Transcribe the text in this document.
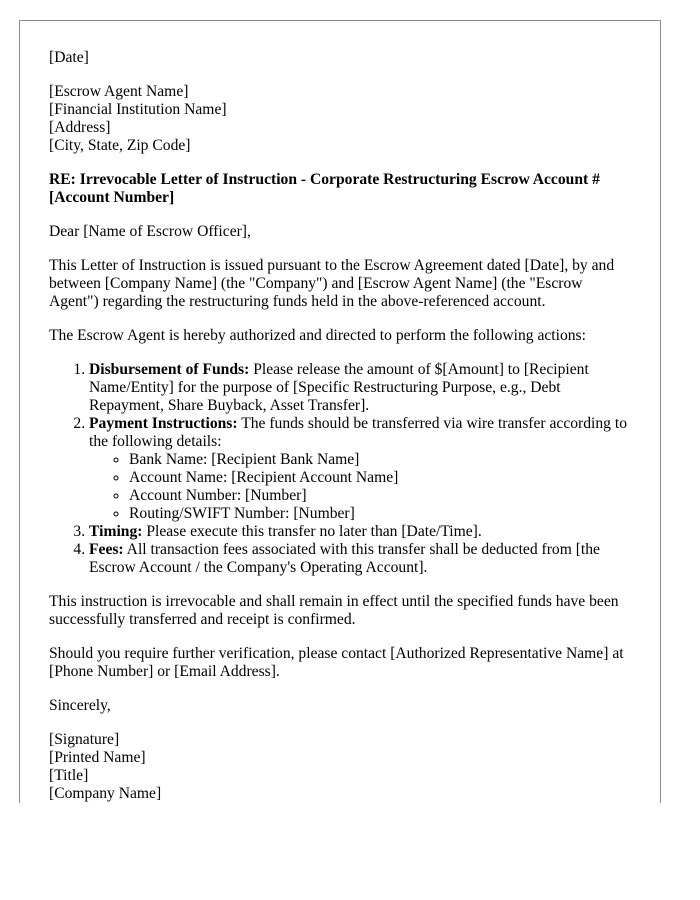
[Date]

[Escrow Agent Name]
[Financial Institution Name]
[Address]
[City, State, Zip Code]

RE: Irrevocable Letter of Instruction - Corporate Restructuring Escrow Account # [Account Number]

Dear [Name of Escrow Officer],

This Letter of Instruction is issued pursuant to the Escrow Agreement dated [Date], by and between [Company Name] (the "Company") and [Escrow Agent Name] (the "Escrow Agent") regarding the restructuring funds held in the above-referenced account.

The Escrow Agent is hereby authorized and directed to perform the following actions:

1. Disbursement of Funds: Please release the amount of $[Amount] to [Recipient Name/Entity] for the purpose of [Specific Restructuring Purpose, e.g., Debt Repayment, Share Buyback, Asset Transfer].
2. Payment Instructions: The funds should be transferred via wire transfer according to the following details:
◦ Bank Name: [Recipient Bank Name]
◦ Account Name: [Recipient Account Name]
◦ Account Number: [Number]
◦ Routing/SWIFT Number: [Number]
3. Timing: Please execute this transfer no later than [Date/Time].
4. Fees: All transaction fees associated with this transfer shall be deducted from [the Escrow Account / the Company's Operating Account].

This instruction is irrevocable and shall remain in effect until the specified funds have been successfully transferred and receipt is confirmed.

Should you require further verification, please contact [Authorized Representative Name] at [Phone Number] or [Email Address].

Sincerely,

[Signature]
[Printed Name]
[Title]
[Company Name]
